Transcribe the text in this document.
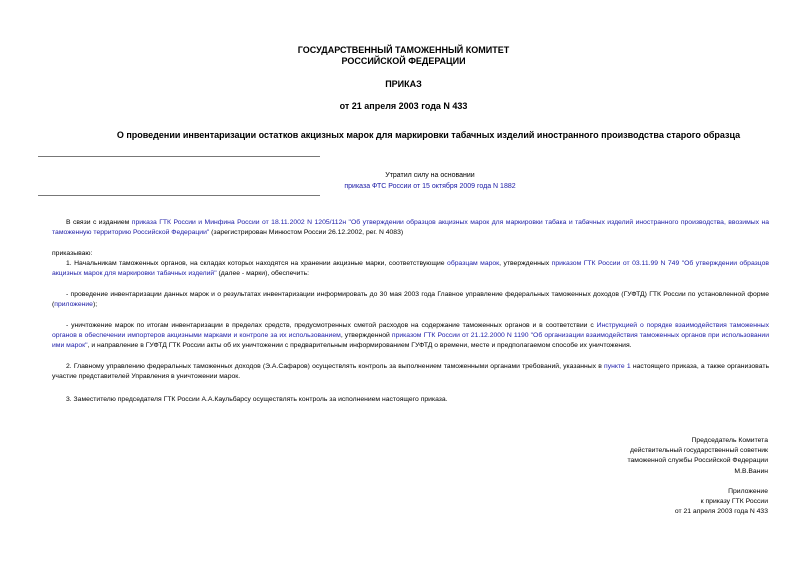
ГОСУДАРСТВЕННЫЙ ТАМОЖЕННЫЙ КОМИТЕТ
РОССИЙСКОЙ ФЕДЕРАЦИИ
ПРИКАЗ
от 21 апреля 2003 года N 433
О проведении инвентаризации остатков акцизных марок для маркировки табачных изделий иностранного производства старого образца
Утратил силу на основании
приказа ФТС России от 15 октября 2009 года N 1882
В связи с изданием приказа ГТК России и Минфина России от 18.11.2002 N 1205/112н "Об утверждении образцов акцизных марок для маркировки табака и табачных изделий иностранного производства, ввозимых на таможенную территорию Российской Федерации" (зарегистрирован Минюстом России 26.12.2002, рег. N 4083)
приказываю:
1. Начальникам таможенных органов, на складах которых находятся на хранении акцизные марки, соответствующие образцам марок, утвержденных приказом ГТК России от 03.11.99 N 749 "Об утверждении образцов акцизных марок для маркировки табачных изделий" (далее - марки), обеспечить:
- проведение инвентаризации данных марок и о результатах инвентаризации информировать до 30 мая 2003 года Главное управление федеральных таможенных доходов (ГУФТД) ГТК России по установленной форме (приложение);
- уничтожение марок по итогам инвентаризации в пределах средств, предусмотренных сметой расходов на содержание таможенных органов и в соответствии с Инструкцией о порядке взаимодействия таможенных органов в обеспечении импортеров акцизными марками и контроле за их использованием, утвержденной приказом ГТК России от 21.12.2000 N 1190 "Об организации взаимодействия таможенных органов при использовании ими марок", и направление в ГУФТД ГТК России акты об их уничтожении с предварительным информированием ГУФТД о времени, месте и предполагаемом способе их уничтожения.
2. Главному управлению федеральных таможенных доходов (Э.А.Сафаров) осуществлять контроль за выполнением таможенными органами требований, указанных в пункте 1 настоящего приказа, а также организовать участие представителей Управления в уничтожении марок.
3. Заместителю председателя ГТК России А.А.Каульбарсу осуществлять контроль за исполнением настоящего приказа.
Председатель Комитета
действительный государственный советник
таможенной службы Российской Федерации
М.В.Ванин
Приложение
к приказу ГТК России
от 21 апреля 2003 года N 433
